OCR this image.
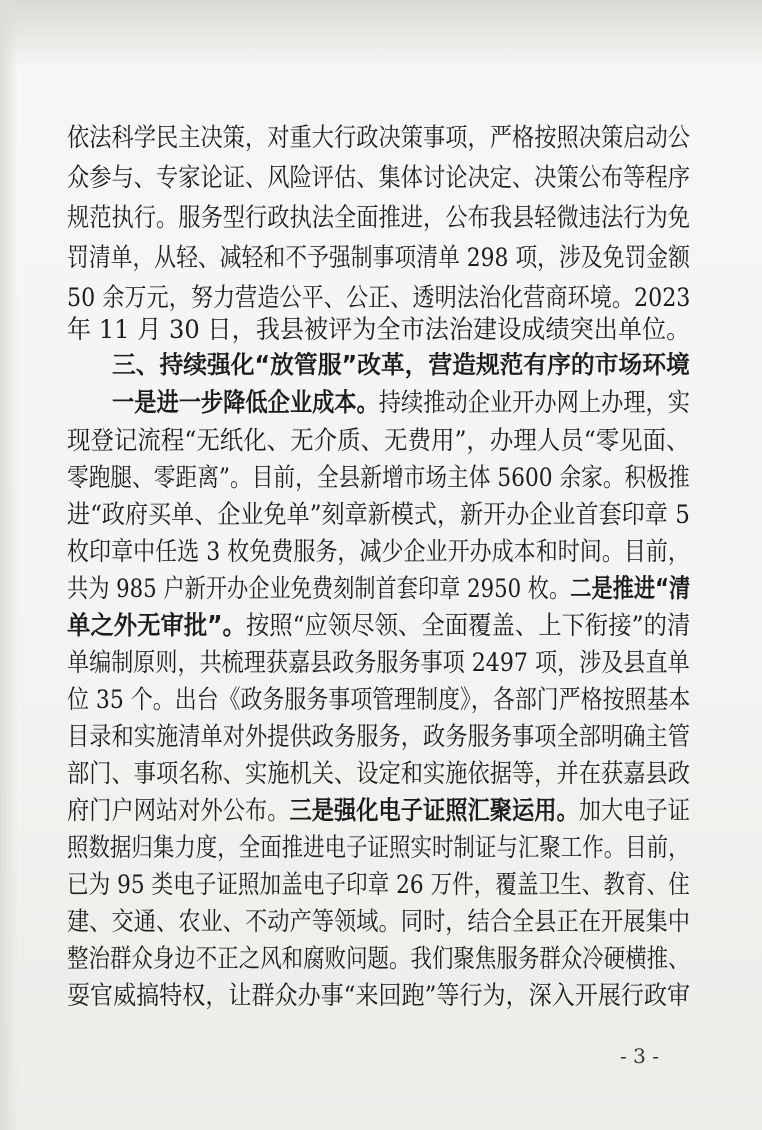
依法科学民主决策，对重大行政决策事项，严格按照决策启动公
众参与、专家论证、风险评估、集体讨论决定、决策公布等程序
规范执行。服务型行政执法全面推进，公布我县轻微违法行为免
罚清单，从轻、减轻和不予强制事项清单 298 项，涉及免罚金额
50 余万元，努力营造公平、公正、透明法治化营商环境。2023
年 11 月 30 日，我县被评为全市法治建设成绩突出单位。
三、持续强化“放管服”改革，营造规范有序的市场环境
一是进一步降低企业成本。持续推动企业开办网上办理，实
现登记流程“无纸化、无介质、无费用”，办理人员“零见面、
零跑腿、零距离”。目前，全县新增市场主体 5600 余家。积极推
进“政府买单、企业免单”刻章新模式，新开办企业首套印章 5
枚印章中任选 3 枚免费服务，减少企业开办成本和时间。目前，
共为 985 户新开办企业免费刻制首套印章 2950 枚。二是推进“清
单之外无审批”。按照“应领尽领、全面覆盖、上下衔接”的清
单编制原则，共梳理获嘉县政务服务事项 2497 项，涉及县直单
位 35 个。出台《政务服务事项管理制度》，各部门严格按照基本
目录和实施清单对外提供政务服务，政务服务事项全部明确主管
部门、事项名称、实施机关、设定和实施依据等，并在获嘉县政
府门户网站对外公布。三是强化电子证照汇聚运用。加大电子证
照数据归集力度，全面推进电子证照实时制证与汇聚工作。目前，
已为 95 类电子证照加盖电子印章 26 万件，覆盖卫生、教育、住
建、交通、农业、不动产等领域。同时，结合全县正在开展集中
整治群众身边不正之风和腐败问题。我们聚焦服务群众冷硬横推、
耍官威搞特权，让群众办事“来回跑”等行为，深入开展行政审
- 3 -
